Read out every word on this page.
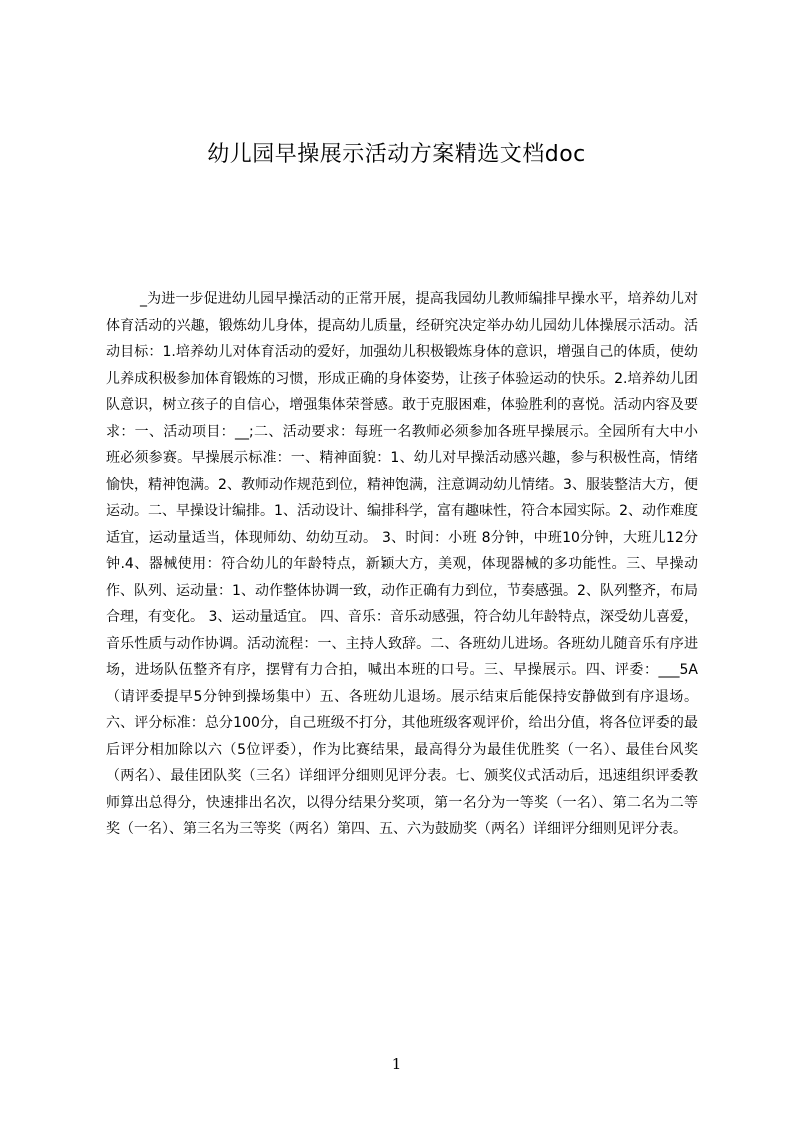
幼儿园早操展示活动方案精选文档doc

_为进一步促进幼儿园早操活动的正常开展，提高我园幼儿教师编排早操水平，培养幼儿对体育活动的兴趣，锻炼幼儿身体，提高幼儿质量，经研究决定举办幼儿园幼儿体操展示活动。活动目标：1.培养幼儿对体育活动的爱好，加强幼儿积极锻炼身体的意识，增强自己的体质，使幼儿养成积极参加体育锻炼的习惯，形成正确的身体姿势，让孩子体验运动的快乐。2.培养幼儿团队意识，树立孩子的自信心，增强集体荣誉感。敢于克服困难，体验胜利的喜悦。活动内容及要求：一、活动项目：__;二、活动要求：每班一名教师必须参加各班早操展示。全园所有大中小班必须参赛。早操展示标准：一、精神面貌：1、幼儿对早操活动感兴趣，参与积极性高，情绪愉快，精神饱满。2、教师动作规范到位，精神饱满，注意调动幼儿情绪。3、服装整洁大方，便运动。二、早操设计编排。1、活动设计、编排科学，富有趣味性，符合本园实际。2、动作难度适宜，运动量适当，体现师幼、幼幼互动。 3、时间：小班 8分钟，中班10分钟，大班儿12分钟.4、器械使用：符合幼儿的年龄特点，新颖大方，美观，体现器械的多功能性。三、早操动作、队列、运动量：1、动作整体协调一致，动作正确有力到位，节奏感强。2、队列整齐，布局合理，有变化。 3、运动量适宜。 四、音乐：音乐动感强，符合幼儿年龄特点，深受幼儿喜爱，音乐性质与动作协调。活动流程：一、主持人致辞。二、各班幼儿进场。各班幼儿随音乐有序进场，进场队伍整齐有序，摆臂有力合拍，喊出本班的口号。三、早操展示。四、评委：___5A（请评委提早5分钟到操场集中）五、各班幼儿退场。展示结束后能保持安静做到有序退场。六、评分标准：总分100分，自己班级不打分，其他班级客观评价，给出分值，将各位评委的最后评分相加除以六（5位评委），作为比赛结果，最高得分为最佳优胜奖（一名）、最佳台风奖（两名）、最佳团队奖（三名）详细评分细则见评分表。七、颁奖仪式活动后，迅速组织评委教师算出总得分，快速排出名次，以得分结果分奖项，第一名分为一等奖（一名）、第二名为二等奖（一名）、第三名为三等奖（两名）第四、五、六为鼓励奖（两名）详细评分细则见评分表。

1
